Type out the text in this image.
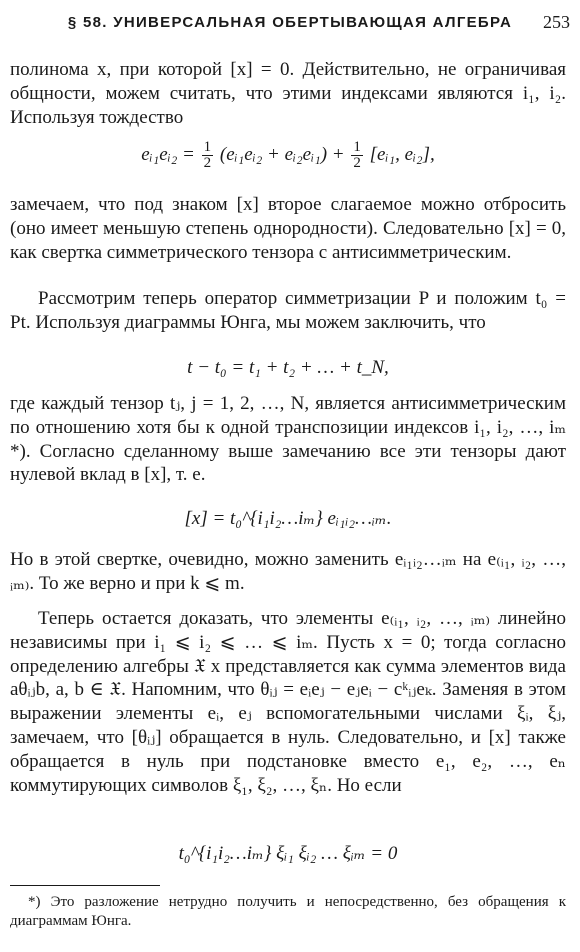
§ 58. УНИВЕРСАЛЬНАЯ ОБЕРТЫВАЮЩАЯ АЛГЕБРА	253

полинома x, при которой [x] = 0. Действительно, не ограничивая общности, можем считать, что этими индексами являются i₁, i₂. Используя тождество

eᵢ₁eᵢ₂ = $\frac{1}{2}$ (eᵢ₁eᵢ₂ + eᵢ₂eᵢ₁) + $\frac{1}{2}$ [eᵢ₁, eᵢ₂],

замечаем, что под знаком [x] второе слагаемое можно отбросить (оно имеет меньшую степень однородности). Следовательно [x] = 0, как свертка симметрического тензора с антисимметрическим.

Рассмотрим теперь оператор симметризации P и положим t₀ = Pt. Используя диаграммы Юнга, мы можем заключить, что

t − t₀ = t₁ + t₂ + … + t_N,

где каждый тензор tⱼ, j = 1, 2, …, N, является антисимметрическим по отношению хотя бы к одной транспозиции индексов i₁, i₂, …, iₘ *). Согласно сделанному выше замечанию все эти тензоры дают нулевой вклад в [x], т. е.

[x] = t₀^{i₁i₂…iₘ} eᵢ₁ᵢ₂…ᵢₘ.

Но в этой свертке, очевидно, можно заменить eᵢ₁ᵢ₂…ᵢₘ на e₍ᵢ₁, ᵢ₂, …, ᵢₘ₎. То же верно и при k ⩽ m.

Теперь остается доказать, что элементы e₍ᵢ₁, ᵢ₂, …, ᵢₘ₎ линейно независимы при i₁ ⩽ i₂ ⩽ … ⩽ iₘ. Пусть x = 0; тогда согласно определению алгебры 𝔛 x представляется как сумма элементов вида aθᵢⱼb, a, b ∈ 𝔛. Напомним, что θᵢⱼ = eᵢeⱼ − eⱼeᵢ − cᵏᵢⱼeₖ. Заменяя в этом выражении элементы eᵢ, eⱼ вспомогательными числами ξᵢ, ξⱼ, замечаем, что [θᵢⱼ] обращается в нуль. Следовательно, и [x] также обращается в нуль при подстановке вместо e₁, e₂, …, eₙ коммутирующих символов ξ₁, ξ₂, …, ξₙ. Но если

t₀^{i₁i₂…iₘ} ξᵢ₁ ξᵢ₂ … ξᵢₘ = 0

*) Это разложение нетрудно получить и непосредственно, без обращения к диаграммам Юнга.
